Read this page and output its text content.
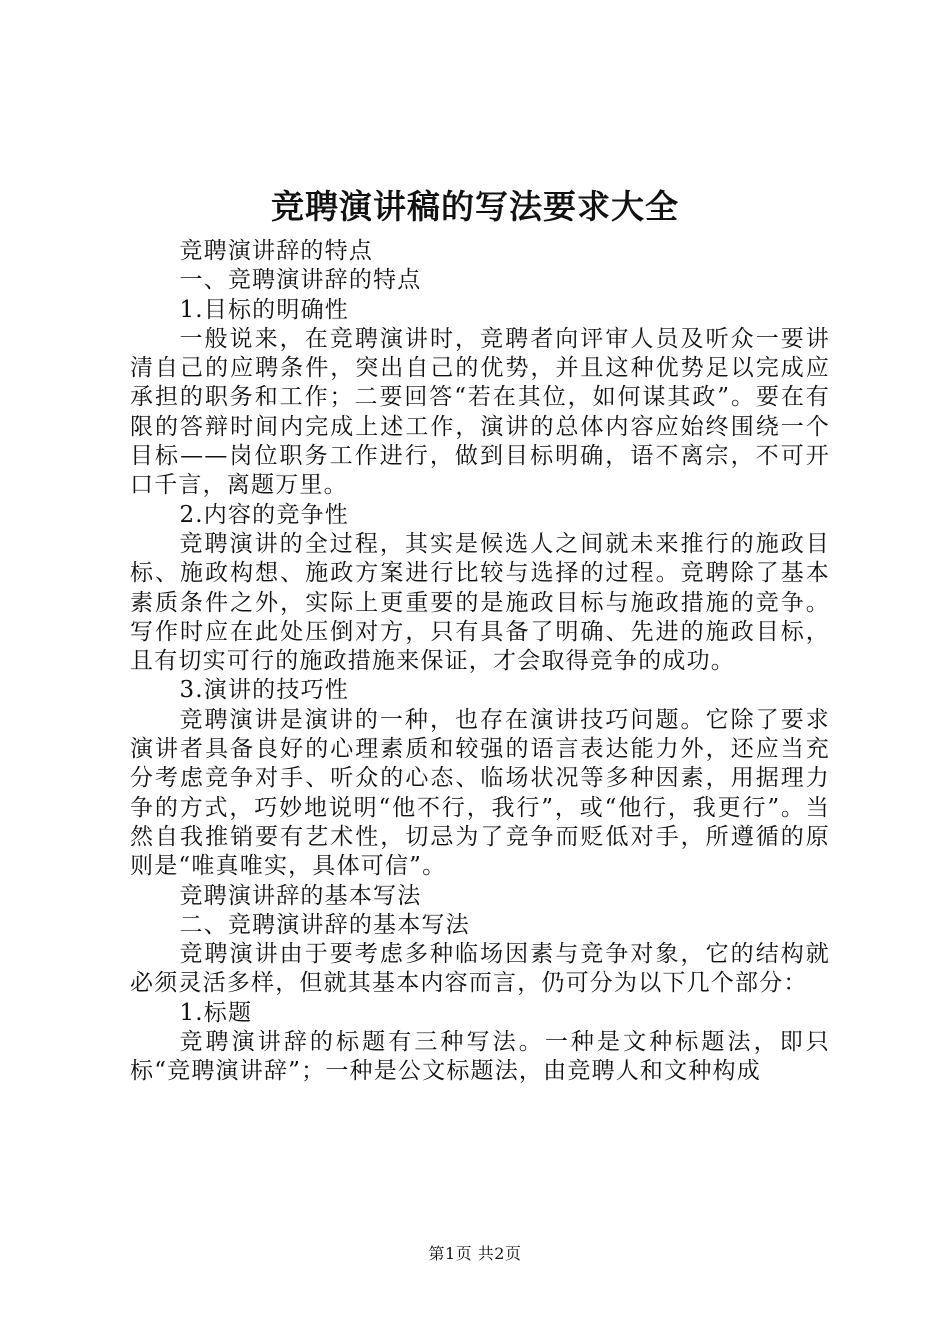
竞聘演讲稿的写法要求大全

竞聘演讲辞的特点

一、竞聘演讲辞的特点

1.目标的明确性

一般说来，在竞聘演讲时，竞聘者向评审人员及听众一要讲清自己的应聘条件，突出自己的优势，并且这种优势足以完成应承担的职务和工作；二要回答“若在其位，如何谋其政”。要在有限的答辩时间内完成上述工作，演讲的总体内容应始终围绕一个目标——岗位职务工作进行，做到目标明确，语不离宗，不可开口千言，离题万里。

2.内容的竞争性

竞聘演讲的全过程，其实是候选人之间就未来推行的施政目标、施政构想、施政方案进行比较与选择的过程。竞聘除了基本素质条件之外，实际上更重要的是施政目标与施政措施的竞争。写作时应在此处压倒对方，只有具备了明确、先进的施政目标，且有切实可行的施政措施来保证，才会取得竞争的成功。

3.演讲的技巧性

竞聘演讲是演讲的一种，也存在演讲技巧问题。它除了要求演讲者具备良好的心理素质和较强的语言表达能力外，还应当充分考虑竞争对手、听众的心态、临场状况等多种因素，用据理力争的方式，巧妙地说明“他不行，我行”，或“他行，我更行”。当然自我推销要有艺术性，切忌为了竞争而贬低对手，所遵循的原则是“唯真唯实，具体可信”。

竞聘演讲辞的基本写法

二、竞聘演讲辞的基本写法

竞聘演讲由于要考虑多种临场因素与竞争对象，它的结构就必须灵活多样，但就其基本内容而言，仍可分为以下几个部分：

1.标题

竞聘演讲辞的标题有三种写法。一种是文种标题法，即只标“竞聘演讲辞”；一种是公文标题法，由竞聘人和文种构成

第1页 共2页
